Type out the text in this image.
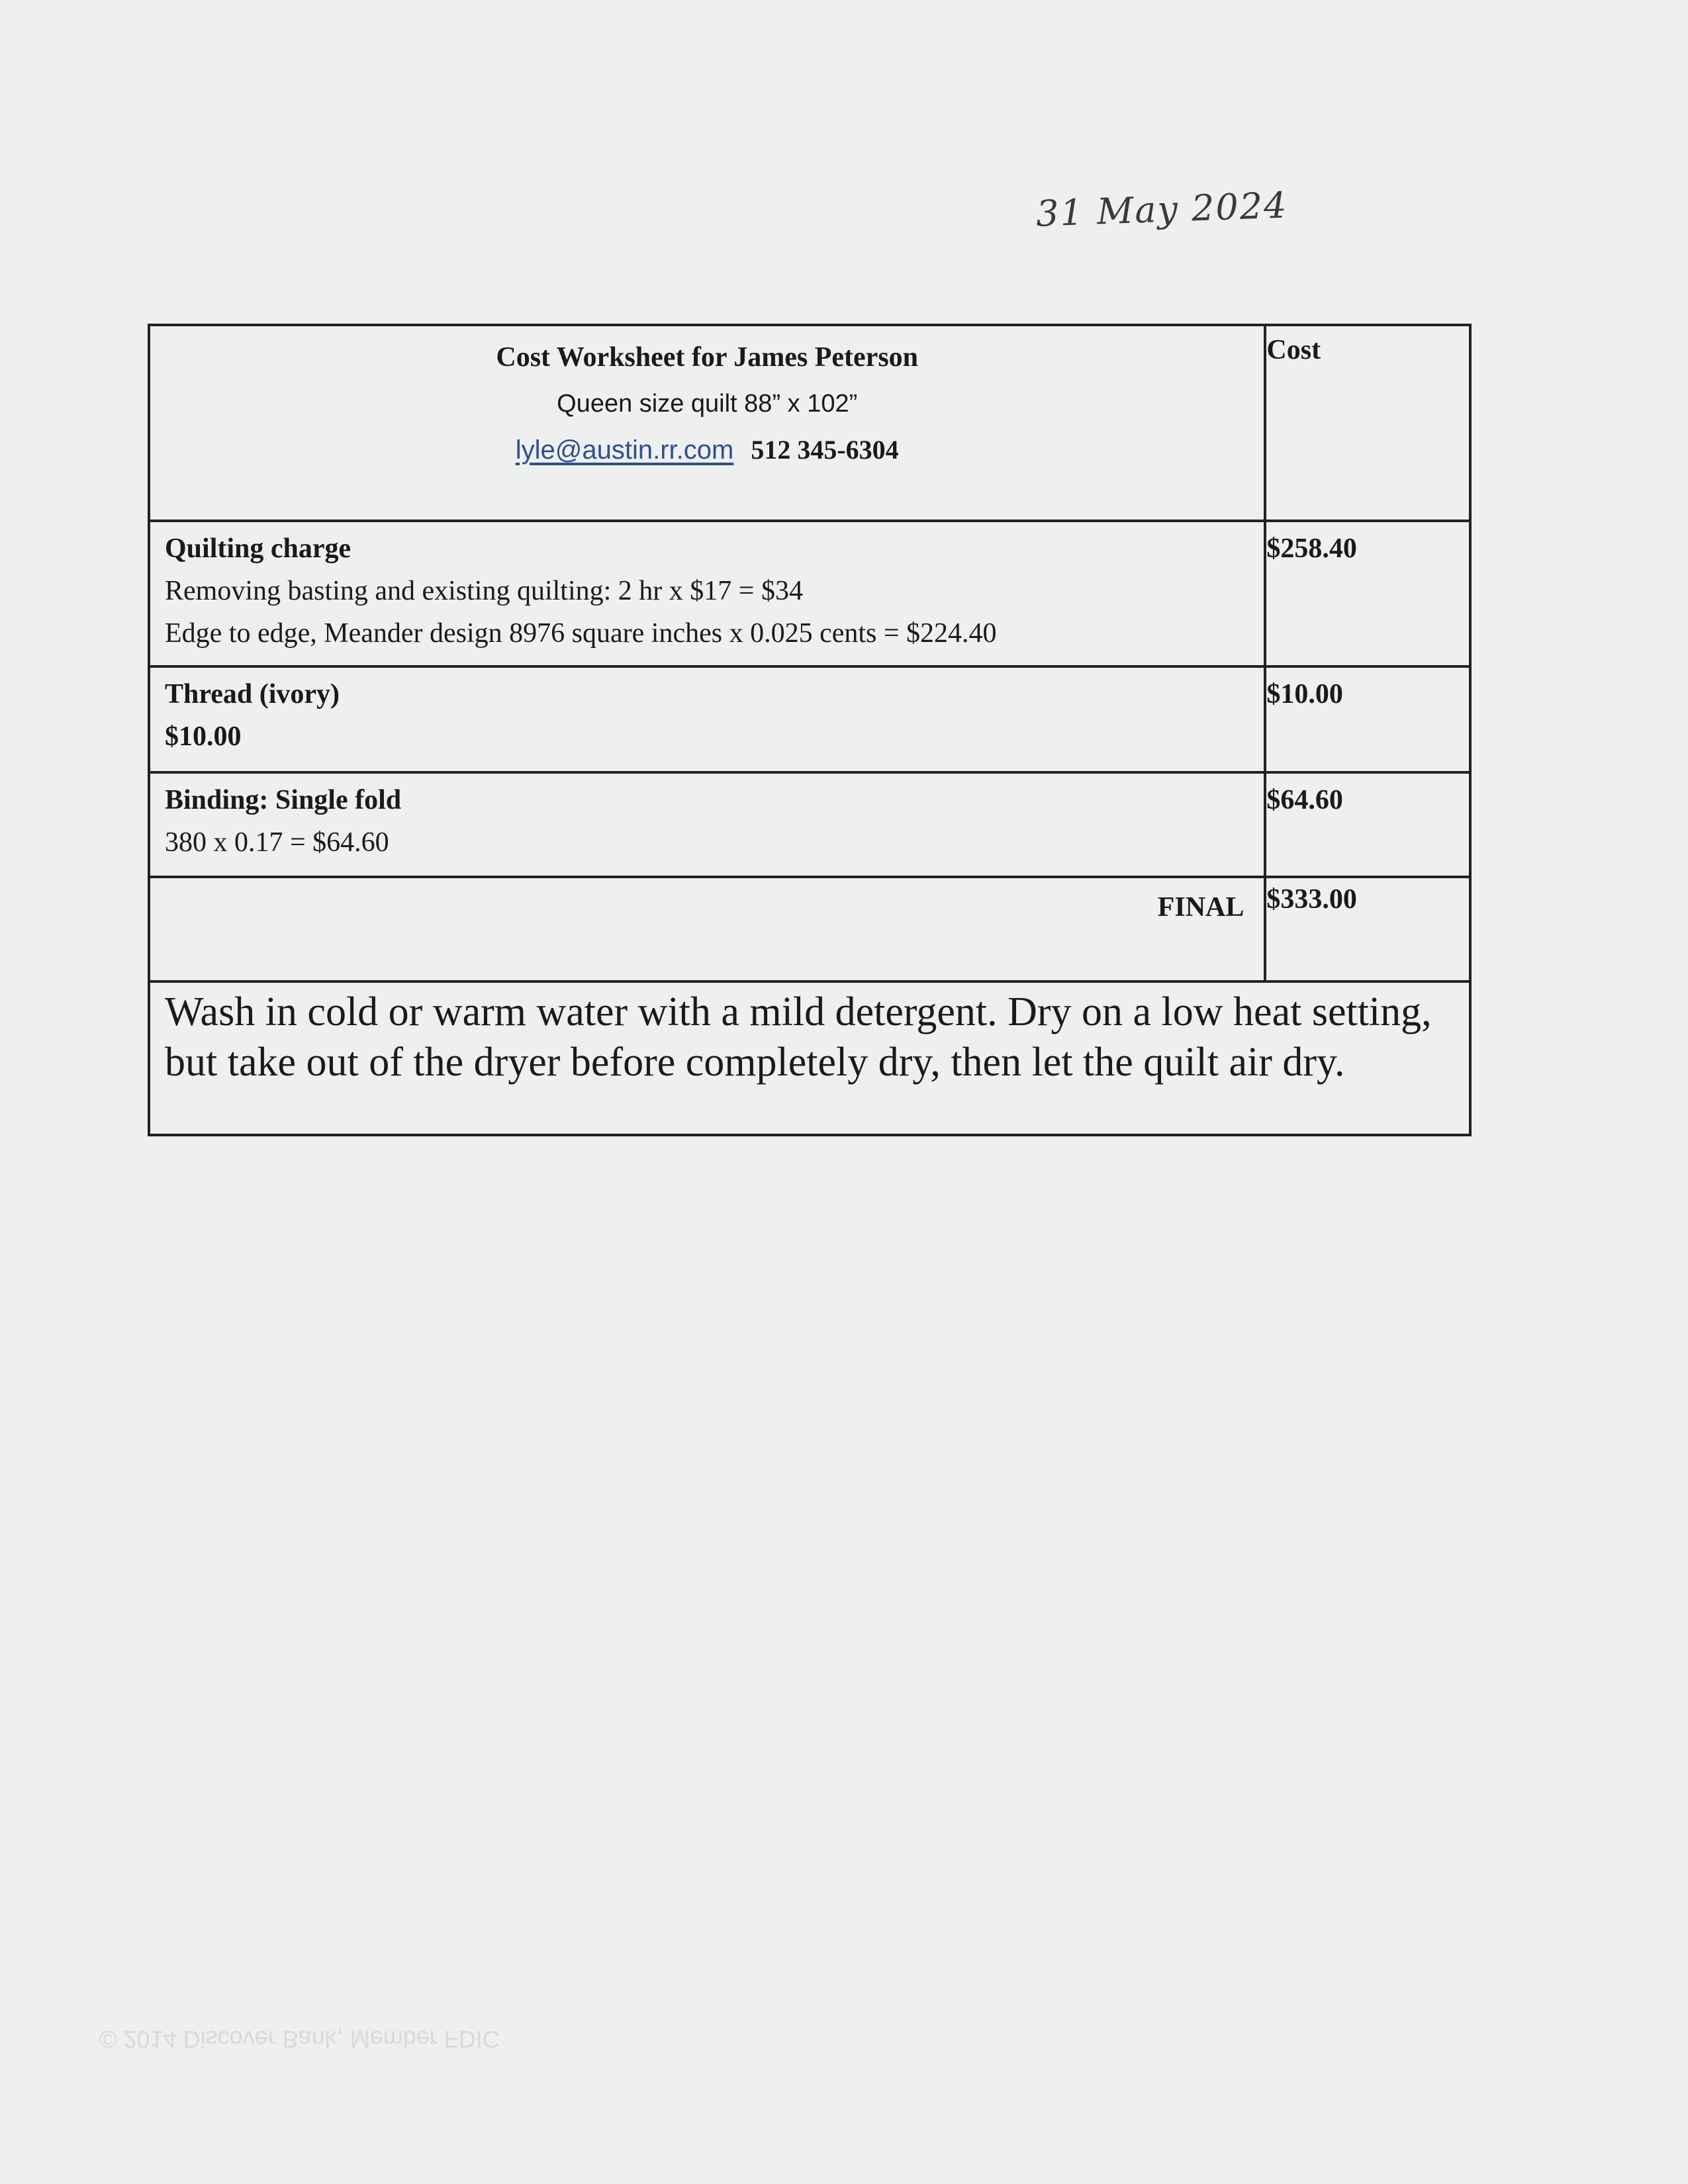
31 May 2024
Cost Worksheet for James Peterson
Queen size quilt 88” x 102”
lyle@austin.rr.com 512 345-6304	Cost

Quilting charge
Removing basting and existing quilting: 2 hr x $17 = $34
Edge to edge, Meander design 8976 square inches x 0.025 cents = $224.40	$258.40

Thread (ivory)
$10.00	$10.00

Binding: Single fold
380 x 0.17 = $64.60	$64.60
FINAL	$333.00
Wash in cold or warm water with a mild detergent. Dry on a low heat setting, but take out of the dryer before completely dry, then let the quilt air dry.	
© 2014 Discover Bank, Member FDIC
